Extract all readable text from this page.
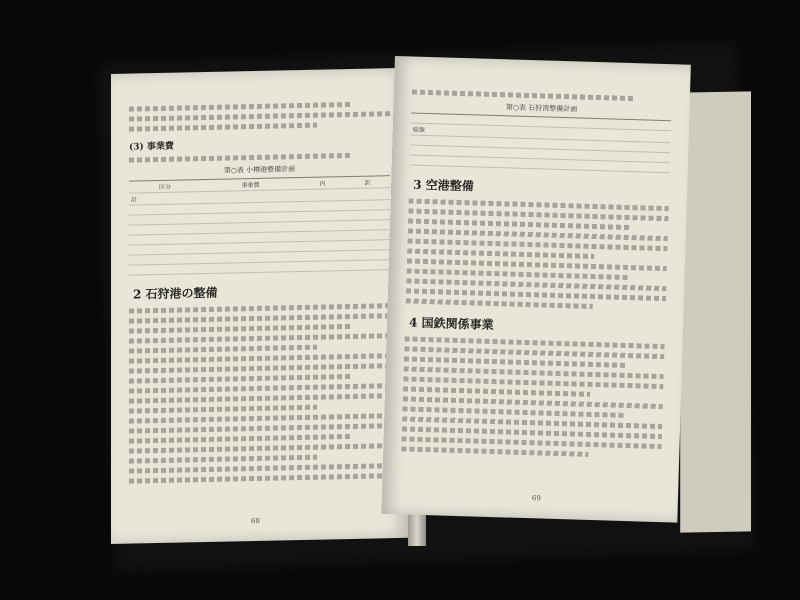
(3) 事業費
第○表 小樽港整備計画
区分	事業費	内	訳
計			

2 石狩港の整備
68
第○表 石狩湾整備計画

総額			

3 空港整備
4 国鉄関係事業
69
